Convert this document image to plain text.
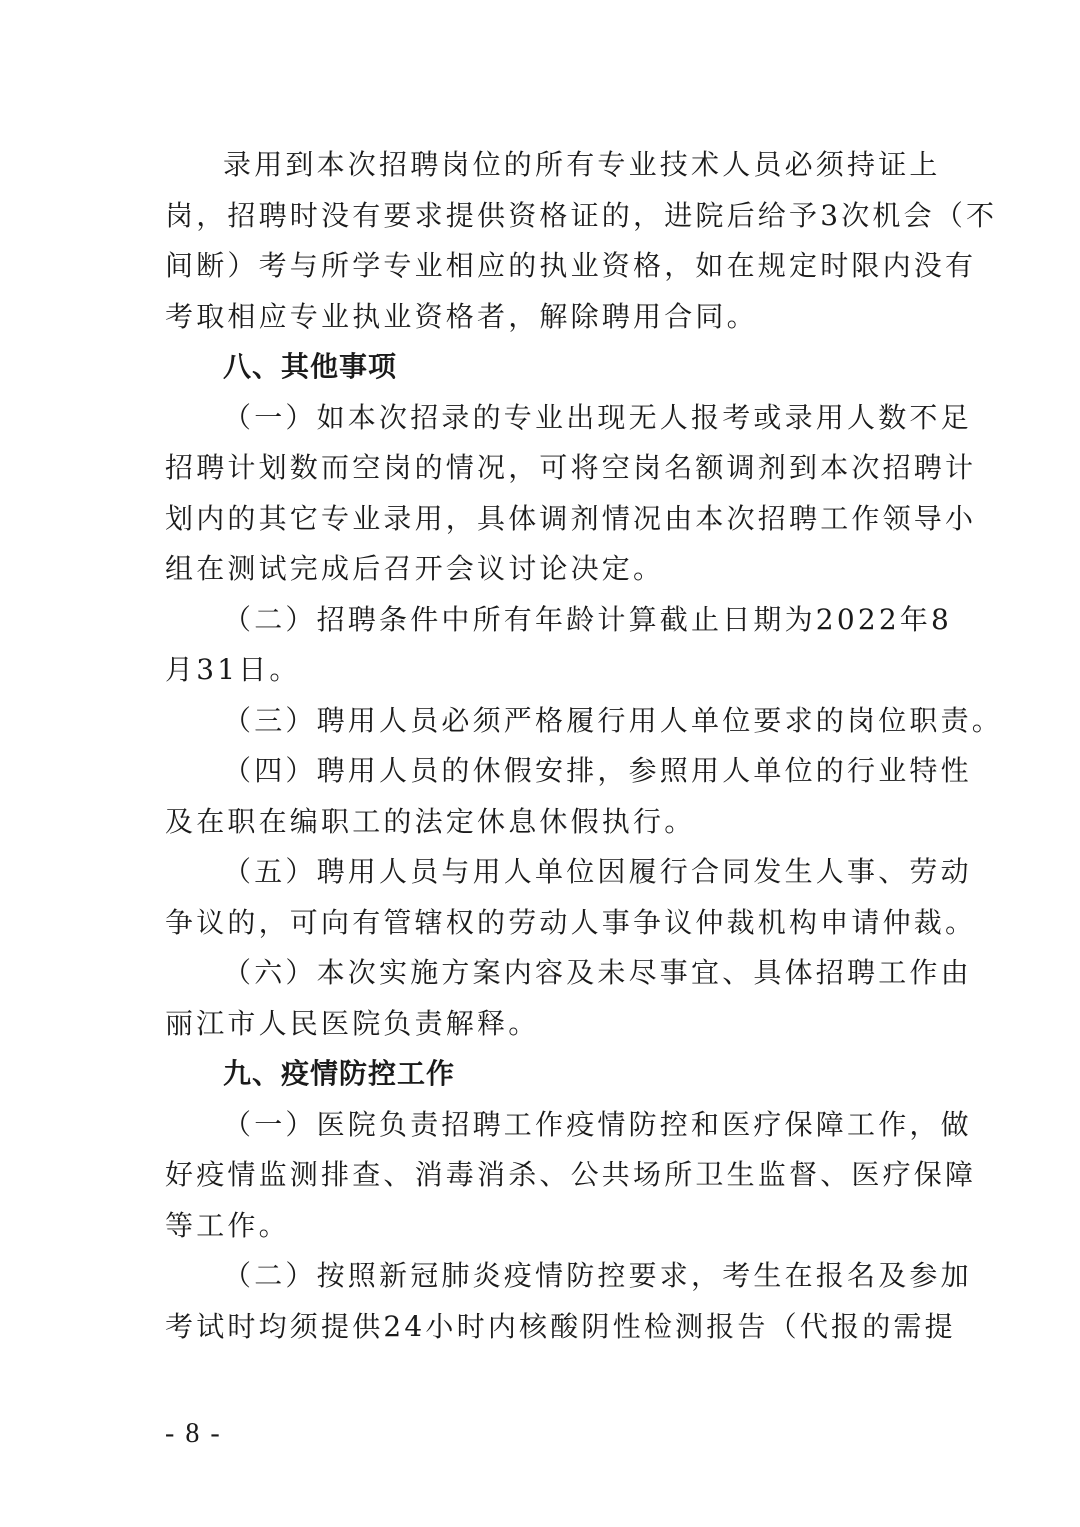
录用到本次招聘岗位的所有专业技术人员必须持证上
岗，招聘时没有要求提供资格证的，进院后给予3次机会（不
间断）考与所学专业相应的执业资格，如在规定时限内没有
考取相应专业执业资格者，解除聘用合同。
八、其他事项
（一）如本次招录的专业出现无人报考或录用人数不足
招聘计划数而空岗的情况，可将空岗名额调剂到本次招聘计
划内的其它专业录用，具体调剂情况由本次招聘工作领导小
组在测试完成后召开会议讨论决定。
（二）招聘条件中所有年龄计算截止日期为2022年8
月31日。
（三）聘用人员必须严格履行用人单位要求的岗位职责。
（四）聘用人员的休假安排，参照用人单位的行业特性
及在职在编职工的法定休息休假执行。
（五）聘用人员与用人单位因履行合同发生人事、劳动
争议的，可向有管辖权的劳动人事争议仲裁机构申请仲裁。
（六）本次实施方案内容及未尽事宜、具体招聘工作由
丽江市人民医院负责解释。
九、疫情防控工作
（一）医院负责招聘工作疫情防控和医疗保障工作，做
好疫情监测排查、消毒消杀、公共场所卫生监督、医疗保障
等工作。
（二）按照新冠肺炎疫情防控要求，考生在报名及参加
考试时均须提供24小时内核酸阴性检测报告（代报的需提
- 8 -
